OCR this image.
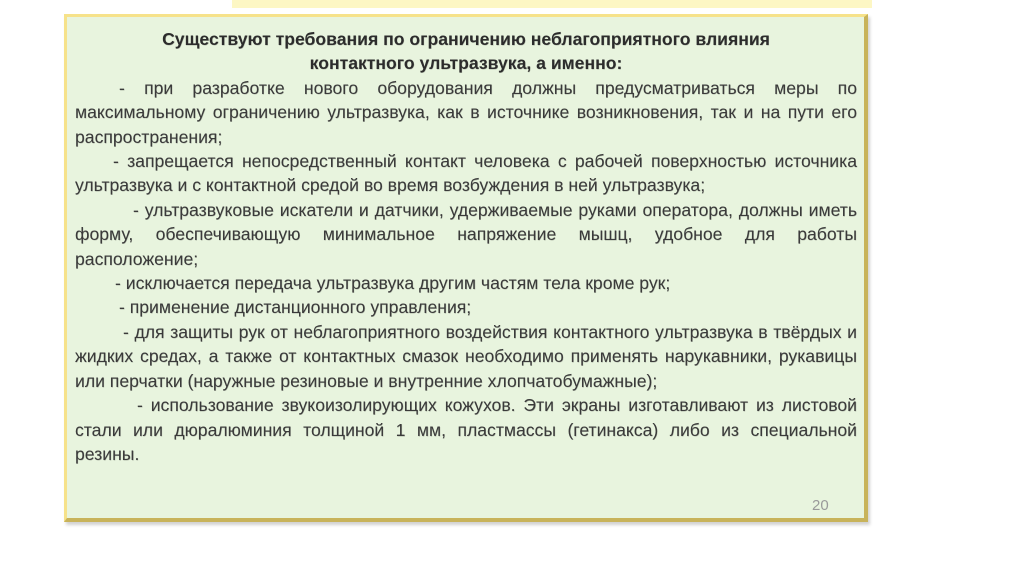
Существуют требования по ограничению неблагоприятного влияния
контактного ультразвука, а именно:

- при разработке нового оборудования должны предусматриваться меры по максимальному ограничению ультразвука, как в источнике возникновения, так и на пути его распространения;

- запрещается непосредственный контакт человека с рабочей поверхностью источника ультразвука и с контактной средой во время возбуждения в ней ультразвука;

- ультразвуковые искатели и датчики, удерживаемые руками оператора, должны иметь форму, обеспечивающую минимальное напряжение мышц, удобное для работы расположение;

- исключается передача ультразвука другим частям тела кроме рук;

- применение дистанционного управления;

- для защиты рук от неблагоприятного воздействия контактного ультразвука в твёрдых и жидких средах, а также от контактных смазок необходимо применять нарукавники, рукавицы или перчатки (наружные резиновые и внутренние хлопчатобумажные);

- использование звукоизолирующих кожухов. Эти экраны изготавливают из листовой стали или дюралюминия толщиной 1 мм, пластмассы (гетинакса) либо из специальной резины.

20
